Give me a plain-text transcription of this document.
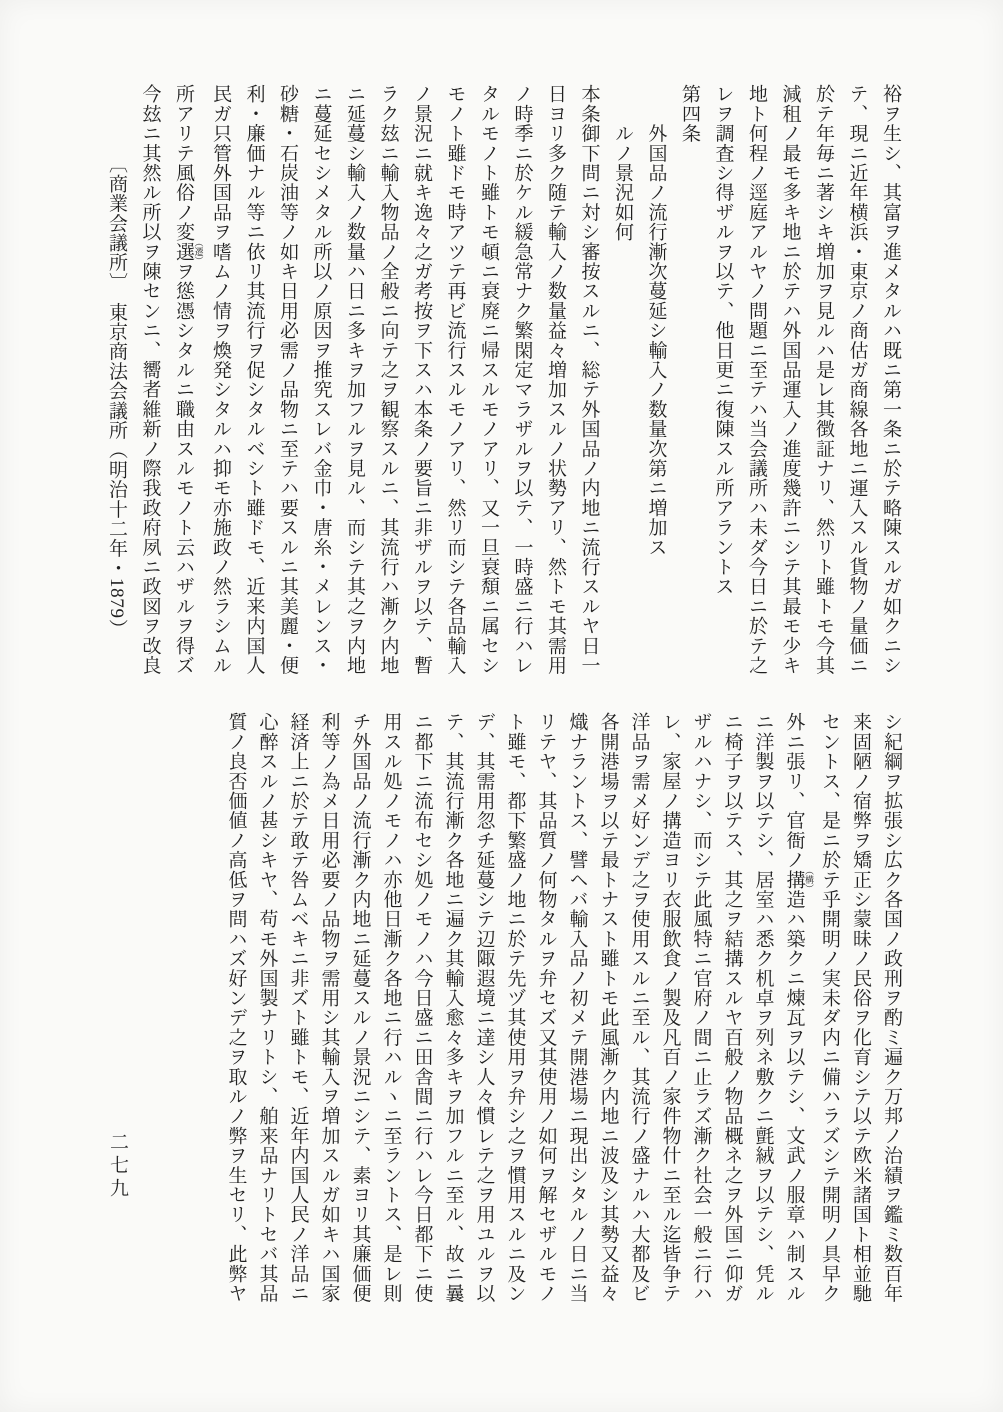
裕ヲ生シ、其富ヲ進メタルハ既ニ第一条ニ於テ略陳スルガ如クニシ
テ、現ニ近年横浜・東京ノ商估ガ商線各地ニ運入スル貨物ノ量価ニ
於テ年毎ニ著シキ増加ヲ見ルハ是レ其徴証ナリ、然リト雖トモ今其
減租ノ最モ多キ地ニ於テハ外国品運入ノ進度幾許ニシテ其最モ少キ
地ト何程ノ逕庭アルヤノ問題ニ至テハ当会議所ハ未ダ今日ニ於テ之
レヲ調査シ得ザルヲ以テ、他日更ニ復陳スル所アラントス
第四条
　　外国品ノ流行漸次蔓延シ輸入ノ数量次第ニ増加ス
　　ルノ景況如何
本条御下問ニ対シ審按スルニ、総テ外国品ノ内地ニ流行スルヤ日一
日ヨリ多ク随テ輸入ノ数量益々増加スルノ状勢アリ、然トモ其需用
ノ時季ニ於ケル緩急常ナク繁閑定マラザルヲ以テ、一時盛ニ行ハレ
タルモノト雖トモ頓ニ衰廃ニ帰スルモノアリ、又一旦衰頽ニ属セシ
モノト雖ドモ時アツテ再ビ流行スルモノアリ、然リ而シテ各品輸入
ノ景況ニ就キ逸々之ガ考按ヲ下スハ本条ノ要旨ニ非ザルヲ以テ、暫
ラク玆ニ輸入物品ノ全般ニ向テ之ヲ観察スルニ、其流行ハ漸ク内地
ニ延蔓シ輸入ノ数量ハ日ニ多キヲ加フルヲ見ル、而シテ其之ヲ内地
ニ蔓延セシメタル所以ノ原因ヲ推究スレバ金巾・唐糸・メレンス・
砂糖・石炭油等ノ如キ日用必需ノ品物ニ至テハ要スルニ其美麗・便
利・廉価ナル等ニ依リ其流行ヲ促シタルベシト雖ドモ、近来内国人
民ガ只管外国品ヲ嗜ムノ情ヲ煥発シタルハ抑モ亦施政ノ然ラシムル
所アリテ風俗ノ変選 （遷）ヲ慫憑シタルニ職由スルモノト云ハザルヲ得ズ
今玆ニ其然ル所以ヲ陳センニ、嚮者維新ノ際我政府夙ニ政図ヲ改良
〔商業会議所〕　東京商法会議所（明治十二年・1879）
シ紀綱ヲ拡張シ広ク各国ノ政刑ヲ酌ミ遍ク万邦ノ治績ヲ鑑ミ数百年
来固陋ノ宿弊ヲ矯正シ蒙昧ノ民俗ヲ化育シテ以テ欧米諸国ト相並馳
セントス、是ニ於テ乎開明ノ実未ダ内ニ備ハラズシテ開明ノ具早ク
外ニ張リ、官衙ノ搆 （構）造ハ築クニ煉瓦ヲ以テシ、文武ノ服章ハ制スル
ニ洋製ヲ以テシ、居室ハ悉ク机卓ヲ列ネ敷クニ氈絨ヲ以テシ、凭ル
ニ椅子ヲ以テス、其之ヲ結搆スルヤ百般ノ物品概ネ之ヲ外国ニ仰ガ
ザルハナシ、而シテ此風特ニ官府ノ間ニ止ラズ漸ク社会一般ニ行ハ
レ、家屋ノ搆造ヨリ衣服飲食ノ製及凡百ノ家件物什ニ至ル迄皆争テ
洋品ヲ需メ好ンデ之ヲ使用スルニ至ル、其流行ノ盛ナルハ大都及ビ
各開港場ヲ以テ最トナスト雖トモ此風漸ク内地ニ波及シ其勢又益々
熾ナラントス、譬ヘバ輸入品ノ初メテ開港場ニ現出シタルノ日ニ当
リテヤ、其品質ノ何物タルヲ弁セズ又其使用ノ如何ヲ解セザルモノ
ト雖モ、都下繁盛ノ地ニ於テ先ヅ其使用ヲ弁シ之ヲ慣用スルニ及ン
デ、其需用忽チ延蔓シテ辺陬遐境ニ達シ人々慣レテ之ヲ用ユルヲ以
テ、其流行漸ク各地ニ遍ク其輸入愈々多キヲ加フルニ至ル、故ニ曩
ニ都下ニ流布セシ処ノモノハ今日盛ニ田舎間ニ行ハレ今日都下ニ使
用スル処ノモノハ亦他日漸ク各地ニ行ハルヽニ至ラントス、是レ則
チ外国品ノ流行漸ク内地ニ延蔓スルノ景況ニシテ、素ヨリ其廉価便
利等ノ為メ日用必要ノ品物ヲ需用シ其輸入ヲ増加スルガ如キハ国家
経済上ニ於テ敢テ咎ムベキニ非ズト雖トモ、近年内国人民ノ洋品ニ
心醉スルノ甚シキヤ、苟モ外国製ナリトシ、舶来品ナリトセバ其品
質ノ良否価値ノ高低ヲ問ハズ好ンデ之ヲ取ルノ弊ヲ生セリ、此弊ヤ
二七九
